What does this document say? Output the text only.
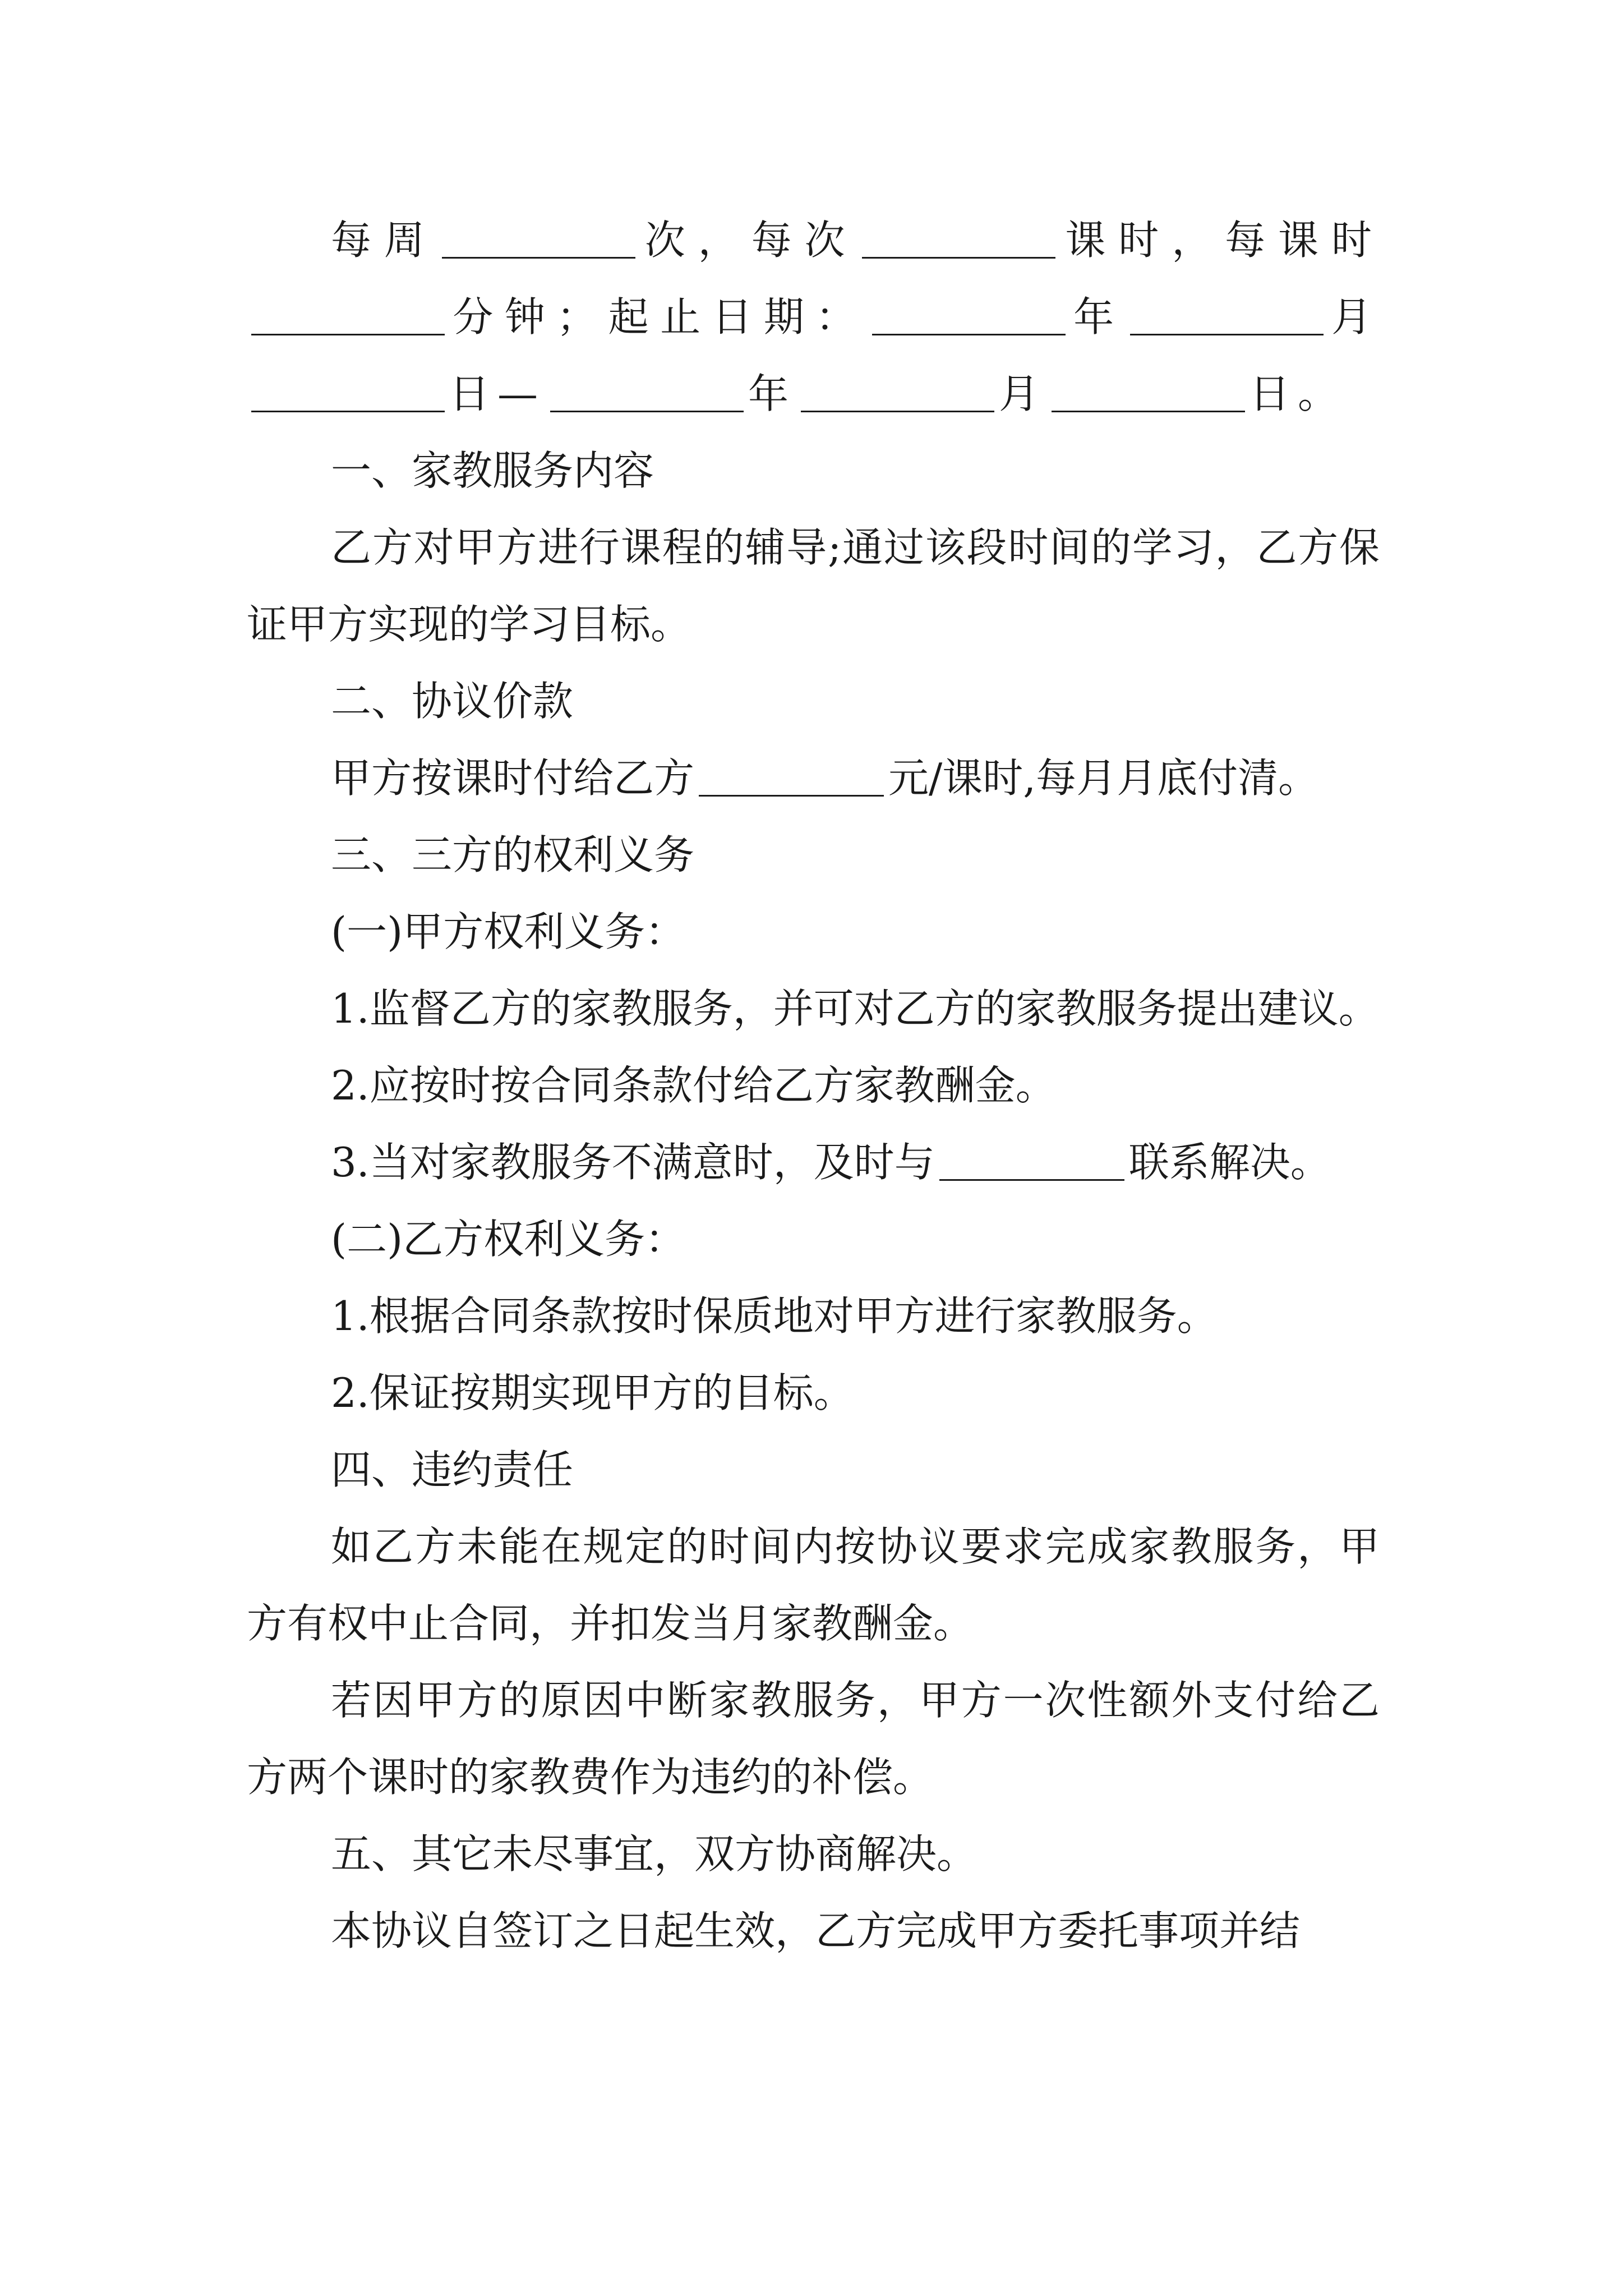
每周	次，每次	课时，每课时分钟；起止日期：	年	月日—	年	月	日。

一、家教服务内容

乙方对甲方进行课程的辅导;通过该段时间的学习，乙方保证甲方实现的学习目标。

二、协议价款

甲方按课时付给乙方	元/课时,每月月底付清。

三、三方的权利义务

(一)甲方权利义务：

1.监督乙方的家教服务，并可对乙方的家教服务提出建议。

2.应按时按合同条款付给乙方家教酬金。

3.当对家教服务不满意时，及时与	联系解决。

(二)乙方权利义务：

1.根据合同条款按时保质地对甲方进行家教服务。

2.保证按期实现甲方的目标。

四、违约责任

如乙方未能在规定的时间内按协议要求完成家教服务，甲方有权中止合同，并扣发当月家教酬金。

若因甲方的原因中断家教服务，甲方一次性额外支付给乙方两个课时的家教费作为违约的补偿。

五、其它未尽事宜，双方协商解决。

本协议自签订之日起生效，乙方完成甲方委托事项并结
